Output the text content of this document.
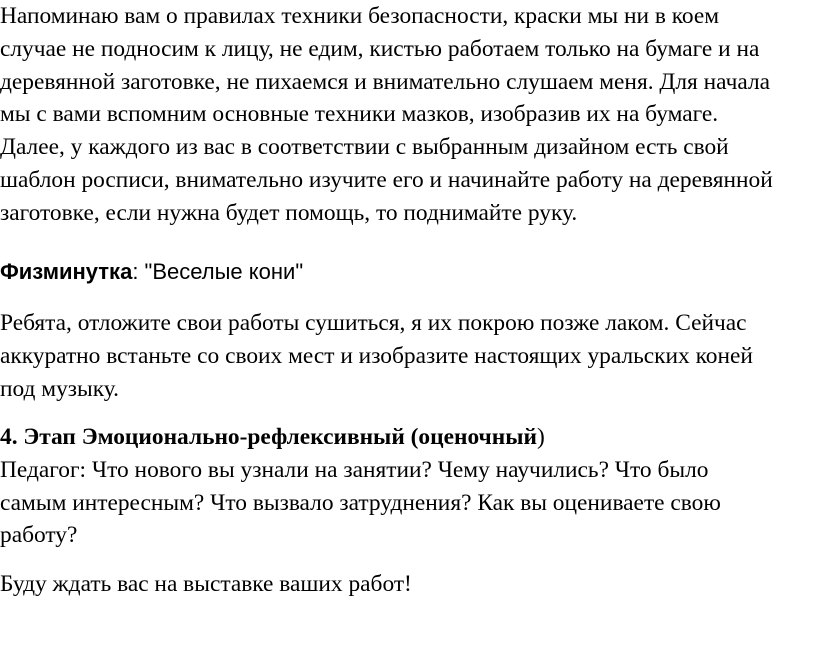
Напоминаю вам о правилах техники безопасности, краски мы ни в коем
случае не подносим к лицу, не едим, кистью работаем только на бумаге и на
деревянной заготовке, не пихаемся и внимательно слушаем меня. Для начала
мы с вами вспомним основные техники мазков, изобразив их на бумаге.
Далее, у каждого из вас в соответствии с выбранным дизайном есть свой
шаблон росписи, внимательно изучите его и начинайте работу на деревянной
заготовке, если нужна будет помощь, то поднимайте руку.
Физминутка: "Веселые кони"
Ребята, отложите свои работы сушиться, я их покрою позже лаком. Сейчас
аккуратно встаньте со своих мест и изобразите настоящих уральских коней
под музыку.
4. Этап Эмоционально-рефлексивный (оценочный)
Педагог: Что нового вы узнали на занятии? Чему научились? Что было
самым интересным? Что вызвало затруднения? Как вы оцениваете свою
работу?
Буду ждать вас на выставке ваших работ!
